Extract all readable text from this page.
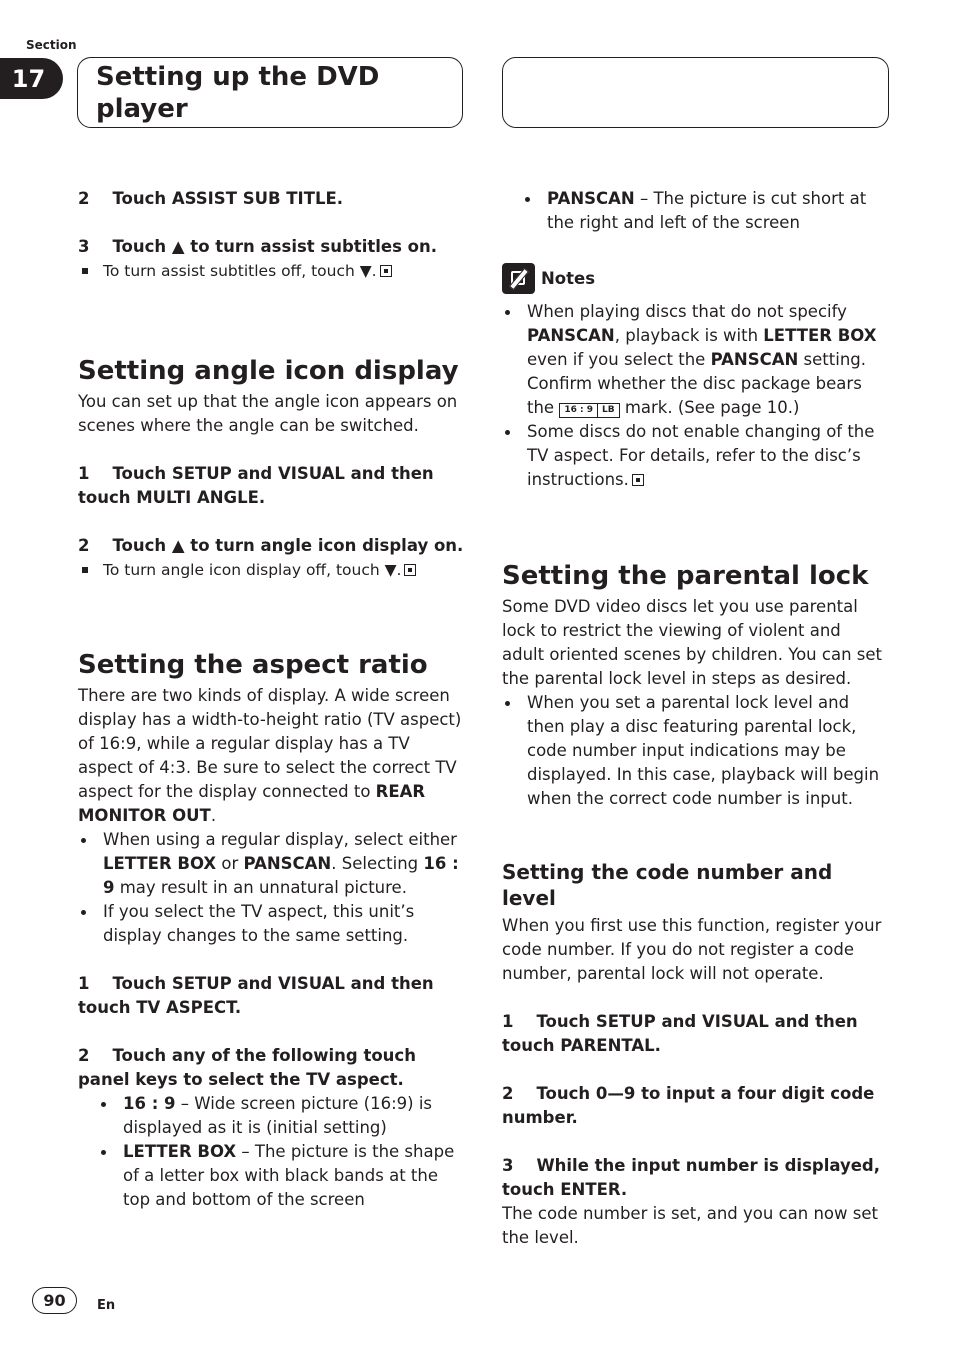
Section
17	Setting up the DVD player

2    Touch ASSIST SUB TITLE.

3    Touch ▲ to turn assist subtitles on.

To turn assist subtitles off, touch ▼.
Setting angle icon display

You can set up that the angle icon appears on scenes where the angle can be switched.

1    Touch SETUP and VISUAL and then touch MULTI ANGLE.

2    Touch ▲ to turn angle icon display on.

To turn angle icon display off, touch ▼.
Setting the aspect ratio

There are two kinds of display. A wide screen display has a width-to-height ratio (TV aspect) of 16:9, while a regular display has a TV aspect of 4:3. Be sure to select the correct TV aspect for the display connected to REAR MONITOR OUT.

When using a regular display, select either LETTER BOX or PANSCAN. Selecting 16 : 9 may result in an unnatural picture.
If you select the TV aspect, this unit’s display changes to the same setting.

1    Touch SETUP and VISUAL and then touch TV ASPECT.

2    Touch any of the following touch panel keys to select the TV aspect.

16 : 9 – Wide screen picture (16:9) is displayed as it is (initial setting)
LETTER BOX – The picture is the shape of a letter box with black bands at the top and bottom of the screen
PANSCAN – The picture is cut short at the right and left of the screen
Notes
When playing discs that do not specify PANSCAN, playback is with LETTER BOX even if you select the PANSCAN setting. Confirm whether the disc package bears the 16 : 9	LB mark. (See page 10.)
Some discs do not enable changing of the TV aspect. For details, refer to the disc’s instructions.
Setting the parental lock

Some DVD video discs let you use parental lock to restrict the viewing of violent and adult oriented scenes by children. You can set the parental lock level in steps as desired.

When you set a parental lock level and then play a disc featuring parental lock, code number input indications may be displayed. In this case, playback will begin when the correct code number is input.
Setting the code number and level

When you first use this function, register your code number. If you do not register a code number, parental lock will not operate.

1    Touch SETUP and VISUAL and then touch PARENTAL.

2    Touch 0—9 to input a four digit code number.

3    While the input number is displayed, touch ENTER.

The code number is set, and you can now set the level.

90	En
